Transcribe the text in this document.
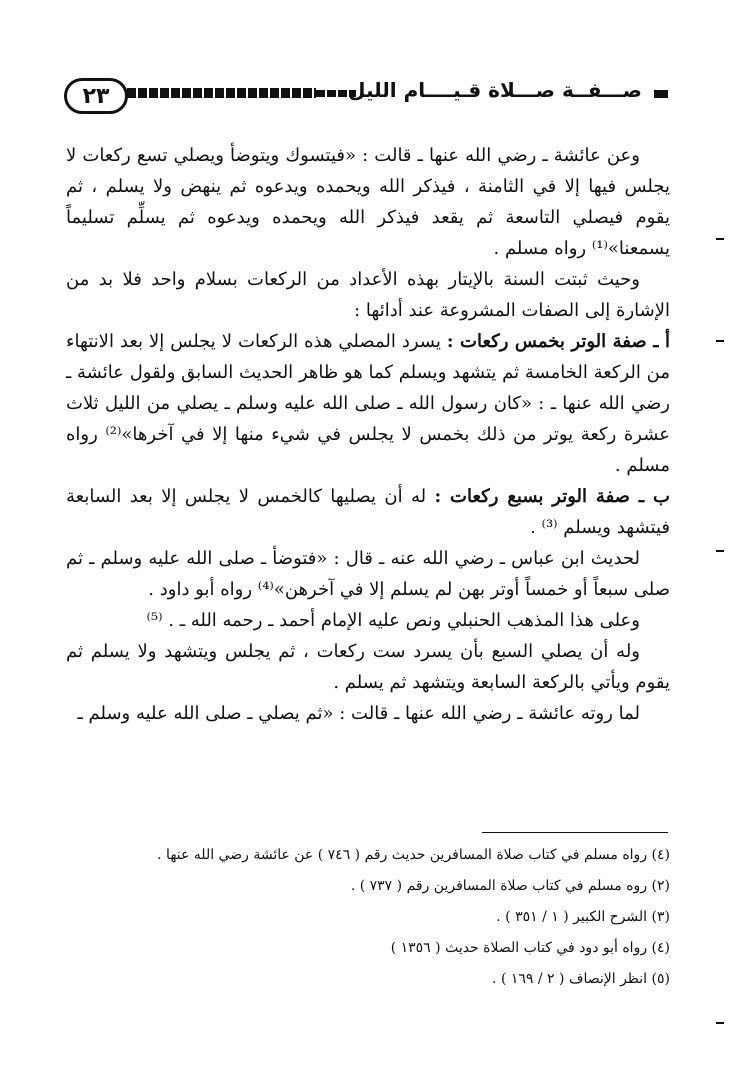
٢٣	صـــفــة صـــلاة قـيــــام الليل

وعن عائشة ـ رضي الله عنها ـ قالت : «فيتسوك ويتوضأ ويصلي تسع ركعات لا يجلس فيها إلا في الثامنة ، فيذكر الله ويحمده ويدعوه ثم ينهض ولا يسلم ، ثم يقوم فيصلي التاسعة ثم يقعد فيذكر الله ويحمده ويدعوه ثم يسلِّم تسليماً يسمعنا»⁽¹⁾ رواه مسلم .

وحيث ثبتت السنة بالإيتار بهذه الأعداد من الركعات بسلام واحد فلا بد من الإشارة إلى الصفات المشروعة عند أدائها :

أ ـ صفة الوتر بخمس ركعات : يسرد المصلي هذه الركعات لا يجلس إلا بعد الانتهاء من الركعة الخامسة ثم يتشهد ويسلم كما هو ظاهر الحديث السابق ولقول عائشة ـ رضي الله عنها ـ : «كان رسول الله ـ صلى الله عليه وسلم ـ يصلي من الليل ثلاث عشرة ركعة يوتر من ذلك بخمس لا يجلس في شيء منها إلا في آخرها»⁽²⁾ رواه مسلم .

ب ـ صفة الوتر بسبع ركعات : له أن يصليها كالخمس لا يجلس إلا بعد السابعة فيتشهد ويسلم ⁽³⁾ .

لحديث ابن عباس ـ رضي الله عنه ـ قال : «فتوضأ ـ صلى الله عليه وسلم ـ ثم صلى سبعاً أو خمساً أوتر بهن لم يسلم إلا في آخرهن»⁽⁴⁾ رواه أبو داود .

وعلى هذا المذهب الحنبلي ونص عليه الإمام أحمد ـ رحمه الله ـ . ⁽⁵⁾

وله أن يصلي السبع بأن يسرد ست ركعات ، ثم يجلس ويتشهد ولا يسلم ثم يقوم ويأتي بالركعة السابعة ويتشهد ثم يسلم .

لما روته عائشة ـ رضي الله عنها ـ قالت : «ثم يصلي ـ صلى الله عليه وسلم ـ

(٤) رواه مسلم في كتاب صلاة المسافرين حديث رقم ( ٧٤٦ ) عن عائشة رضي الله عنها .
(٢) روه مسلم في كتاب صلاة المسافرين رقم ( ٧٣٧ ) .
(٣) الشرح الكبير ( ١ / ٣٥١ ) .
(٤) رواه أبو دود في كتاب الصلاة حديث ( ١٣٥٦ )
(٥) انظر الإنصاف ( ٢ / ١٦٩ ) .
